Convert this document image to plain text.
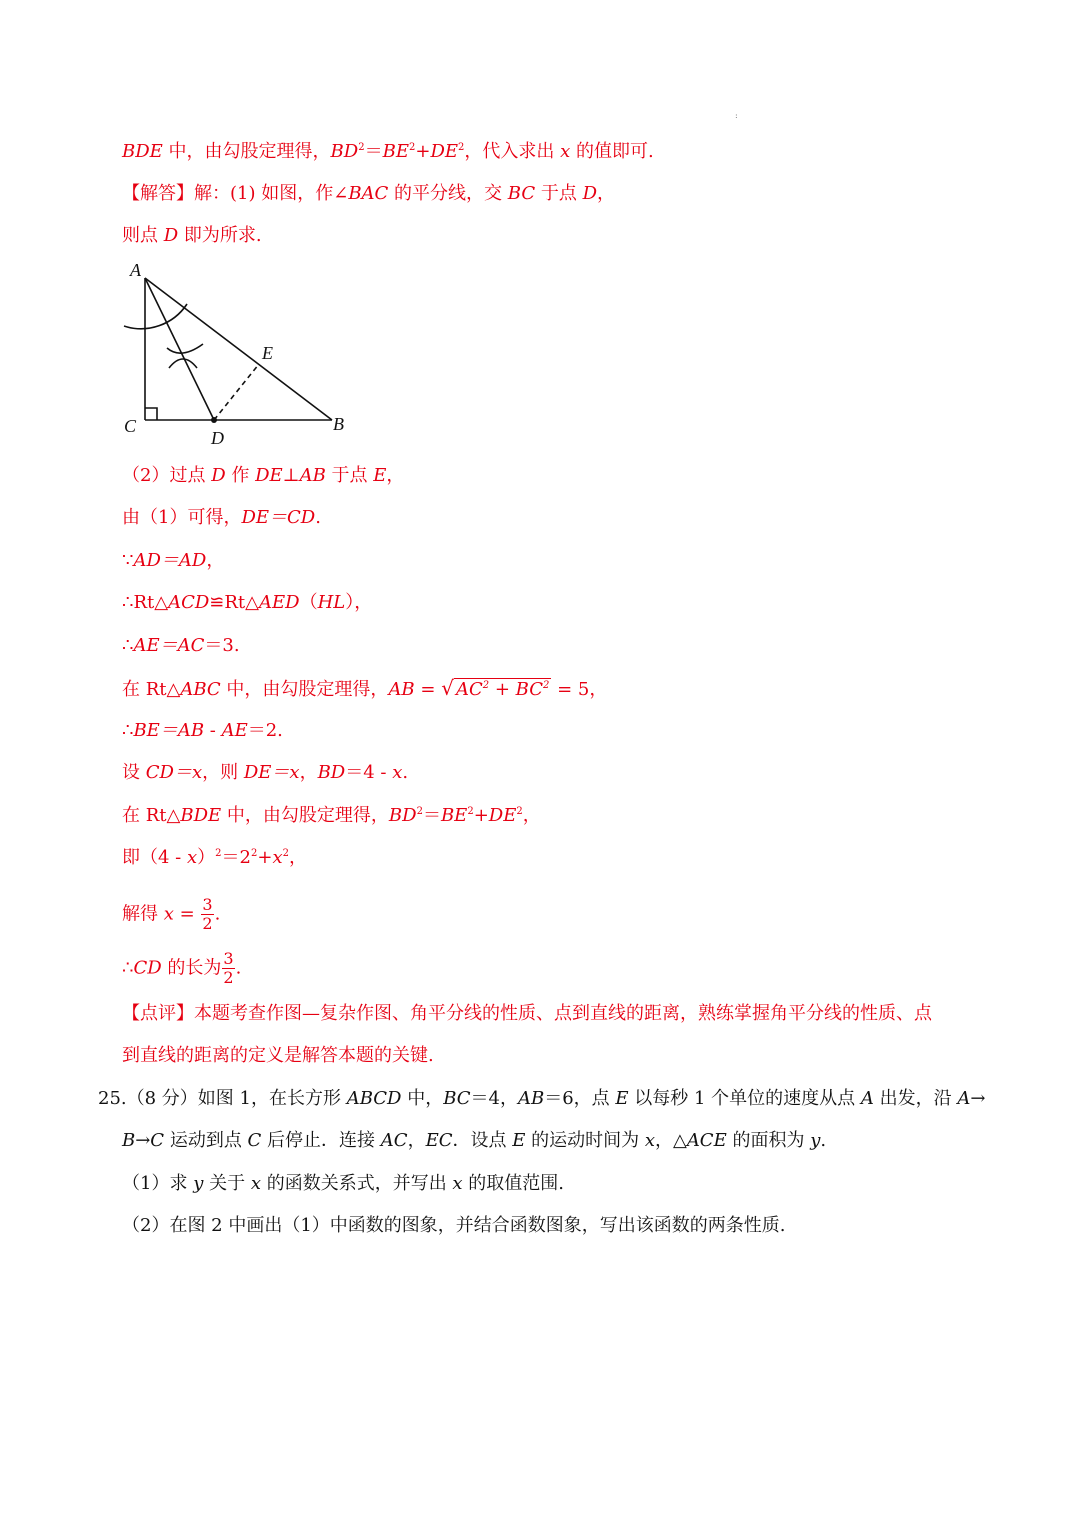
:
BDE 中，由勾股定理得，$BD^2=BE^2+DE^2$，代入求出 x 的值即可.
【解答】解：(1) 如图，作∠BAC 的平分线，交 BC 于点 D，
则点 D 即为所求.
A
E
C
D
B
（2）过点 D 作 DE⊥AB 于点 E，
由（1）可得，DE＝CD.
∵AD＝AD，
∴Rt△ACD≌Rt△AED（HL），
∴AE＝AC＝3.
在 Rt△ABC 中，由勾股定理得，AB = √ $AC^2 + BC^2 = 5$，
∴BE＝AB - AE＝2.
设 CD＝x，则 DE＝x，BD＝4 - x.
在 Rt△BDE 中，由勾股定理得，$BD^2=BE^2+DE^2$，
即$(4 - x)^2=2^2+x^2$，
解得 $x = \frac{3}{2}$ .
∴CD 的长为 $\frac{3}{2}$ .
【点评】本题考查作图—复杂作图、角平分线的性质、点到直线的距离，熟练掌握角平分线的性质、点
到直线的距离的定义是解答本题的关键.
25.（8 分）如图 1，在长方形 ABCD 中，BC＝4，AB＝6，点 E 以每秒 1 个单位的速度从点 A 出发，沿 A→
B→C 运动到点 C 后停止．连接 AC，EC．设点 E 的运动时间为 x，△ACE 的面积为 y.
（1）求 y 关于 x 的函数关系式，并写出 x 的取值范围.
（2）在图 2 中画出（1）中函数的图象，并结合函数图象，写出该函数的两条性质.
